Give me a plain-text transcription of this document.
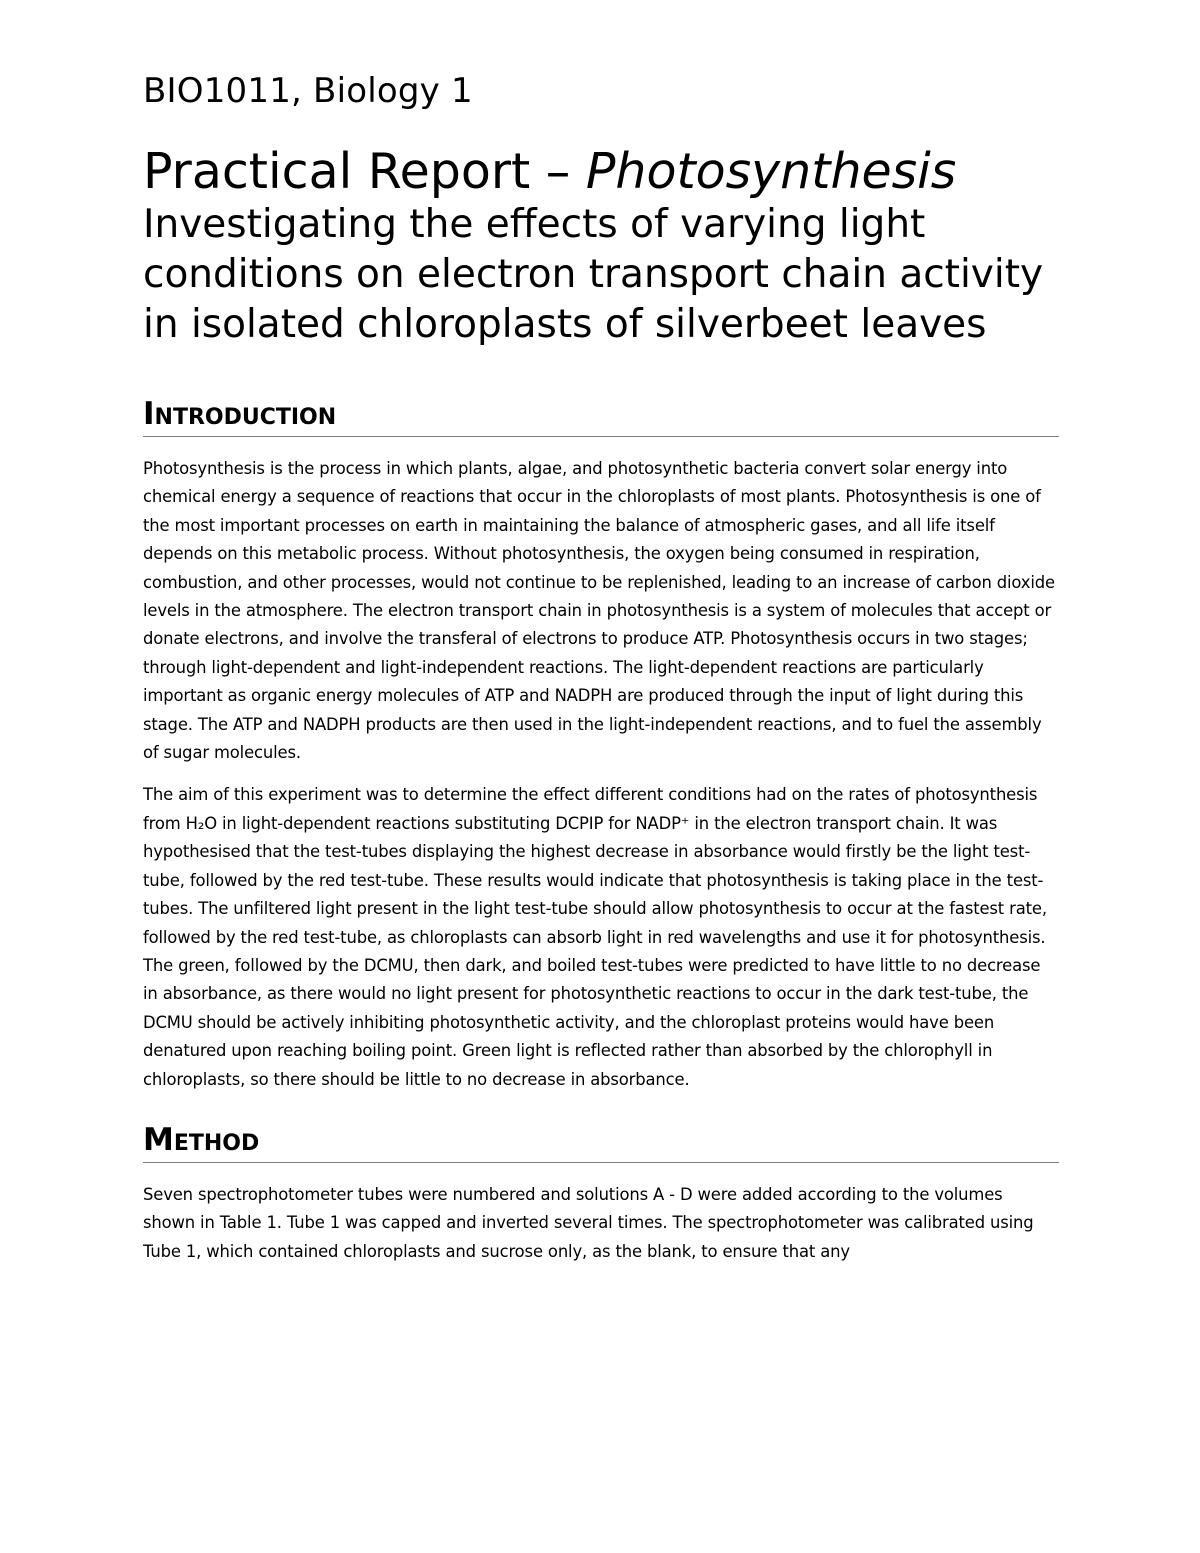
BIO1011, Biology 1
Practical Report – Photosynthesis
Investigating the effects of varying light conditions on electron transport chain activity in isolated chloroplasts of silverbeet leaves
Introduction

Photosynthesis is the process in which plants, algae, and photosynthetic bacteria convert solar energy into chemical energy a sequence of reactions that occur in the chloroplasts of most plants. Photosynthesis is one of the most important processes on earth in maintaining the balance of atmospheric gases, and all life itself depends on this metabolic process. Without photosynthesis, the oxygen being consumed in respiration, combustion, and other processes, would not continue to be replenished, leading to an increase of carbon dioxide levels in the atmosphere. The electron transport chain in photosynthesis is a system of molecules that accept or donate electrons, and involve the transferal of electrons to produce ATP. Photosynthesis occurs in two stages; through light-dependent and light-independent reactions. The light-dependent reactions are particularly important as organic energy molecules of ATP and NADPH are produced through the input of light during this stage. The ATP and NADPH products are then used in the light-independent reactions, and to fuel the assembly of sugar molecules.

The aim of this experiment was to determine the effect different conditions had on the rates of photosynthesis from H₂O in light-dependent reactions substituting DCPIP for NADP⁺ in the electron transport chain. It was hypothesised that the test-tubes displaying the highest decrease in absorbance would firstly be the light test-tube, followed by the red test-tube. These results would indicate that photosynthesis is taking place in the test-tubes. The unfiltered light present in the light test-tube should allow photosynthesis to occur at the fastest rate, followed by the red test-tube, as chloroplasts can absorb light in red wavelengths and use it for photosynthesis. The green, followed by the DCMU, then dark, and boiled test-tubes were predicted to have little to no decrease in absorbance, as there would no light present for photosynthetic reactions to occur in the dark test-tube, the DCMU should be actively inhibiting photosynthetic activity, and the chloroplast proteins would have been denatured upon reaching boiling point. Green light is reflected rather than absorbed by the chlorophyll in chloroplasts, so there should be little to no decrease in absorbance.

Method

Seven spectrophotometer tubes were numbered and solutions A - D were added according to the volumes shown in Table 1. Tube 1 was capped and inverted several times. The spectrophotometer was calibrated using Tube 1, which contained chloroplasts and sucrose only, as the blank, to ensure that any
